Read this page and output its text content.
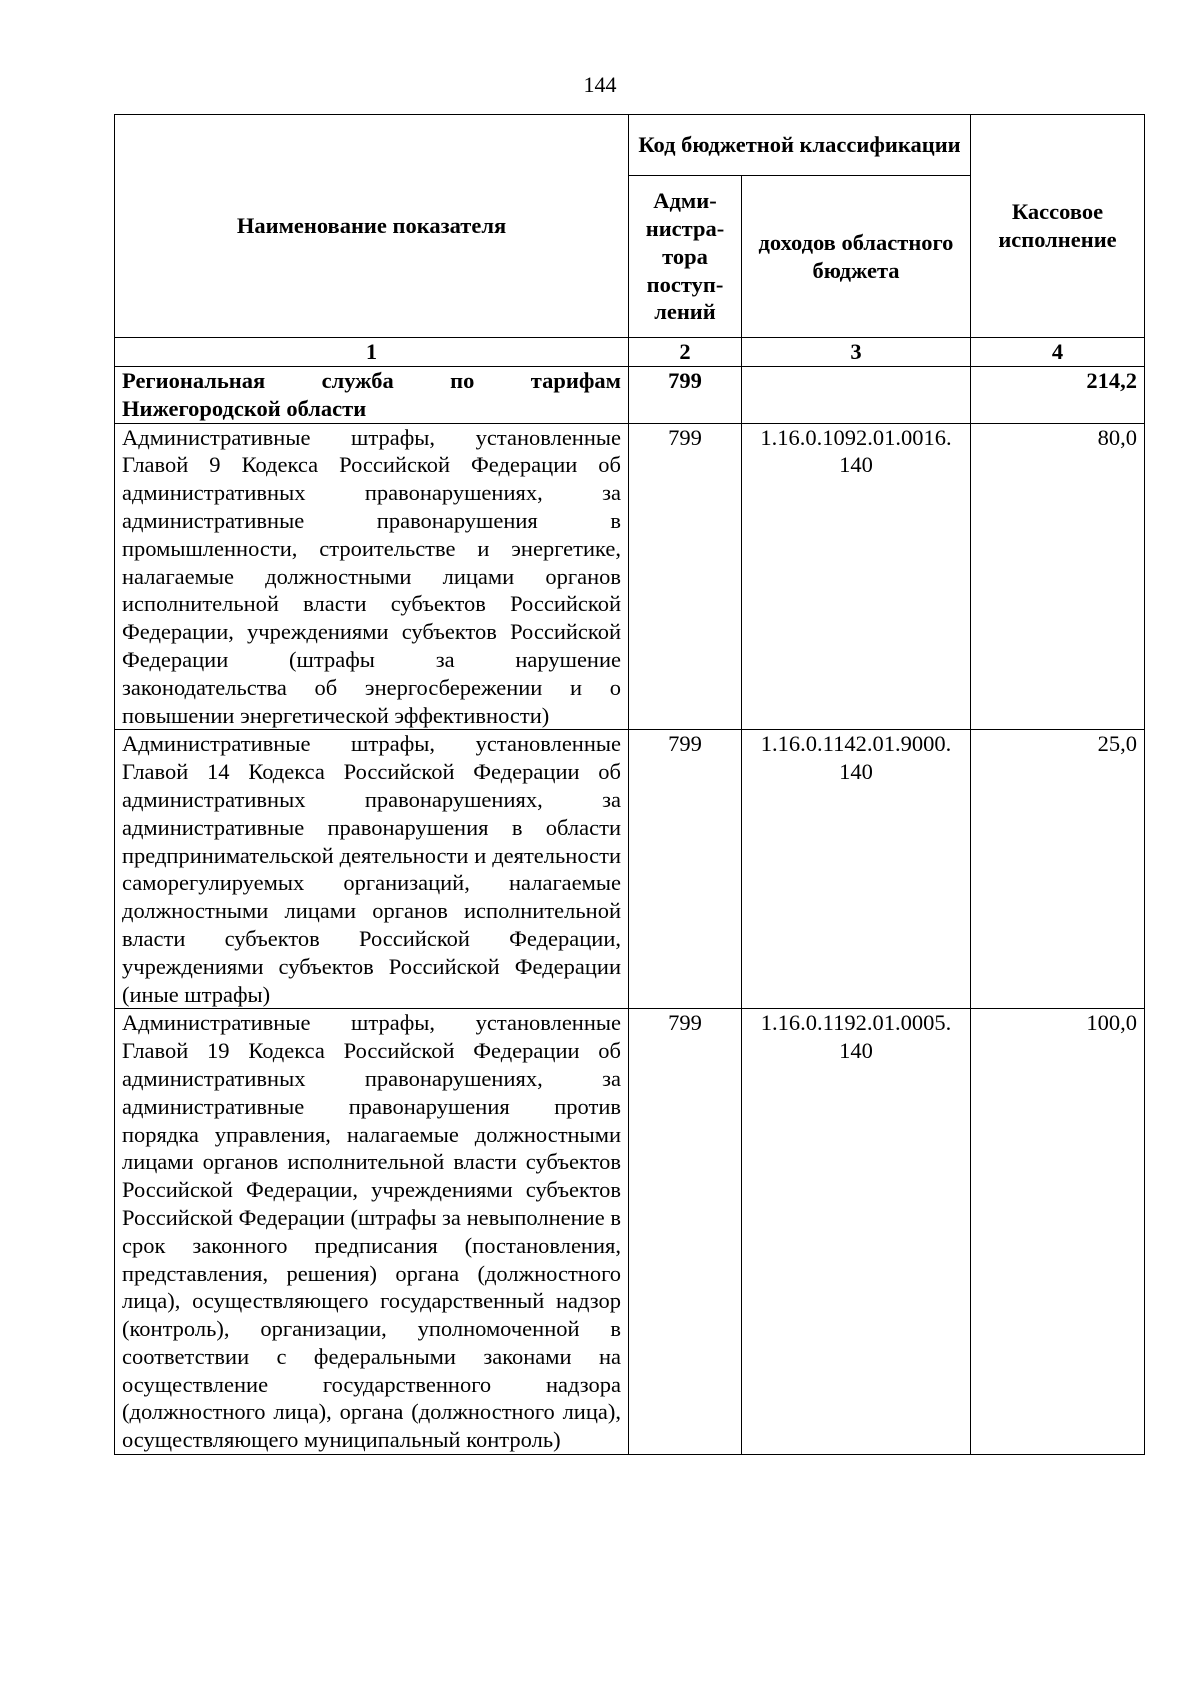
144
Наименование показателя	Код бюджетной классификации		Кассовое исполнение
	Адми-нистра-тора поступ-лений	доходов областного бюджета	
1	2	3	4
Региональная служба по тарифам Нижегородской области	799		214,2
Административные штрафы, установленные Главой 9 Кодекса Российской Федерации об административных правонарушениях, за административные правонарушения в промышленности, строительстве и энергетике, налагаемые должностными лицами органов исполнительной власти субъектов Российской Федерации, учреждениями субъектов Российской Федерации (штрафы за нарушение законодательства об энергосбережении и о повышении энергетической эффективности)	799	1.16.0.1092.01.0016. 140	80,0
Административные штрафы, установленные Главой 14 Кодекса Российской Федерации об административных правонарушениях, за административные правонарушения в области предпринимательской деятельности и деятельности саморегулируемых организаций, налагаемые должностными лицами органов исполнительной власти субъектов Российской Федерации, учреждениями субъектов Российской Федерации (иные штрафы)	799	1.16.0.1142.01.9000. 140	25,0
Административные штрафы, установленные Главой 19 Кодекса Российской Федерации об административных правонарушениях, за административные правонарушения против порядка управления, налагаемые должностными лицами органов исполнительной власти субъектов Российской Федерации, учреждениями субъектов Российской Федерации (штрафы за невыполнение в срок законного предписания (постановления, представления, решения) органа (должностного лица), осуществляющего государственный надзор (контроль), организации, уполномоченной в соответствии с федеральными законами на осуществление государственного надзора (должностного лица), органа (должностного лица), осуществляющего муниципальный контроль)	799	1.16.0.1192.01.0005. 140	100,0
